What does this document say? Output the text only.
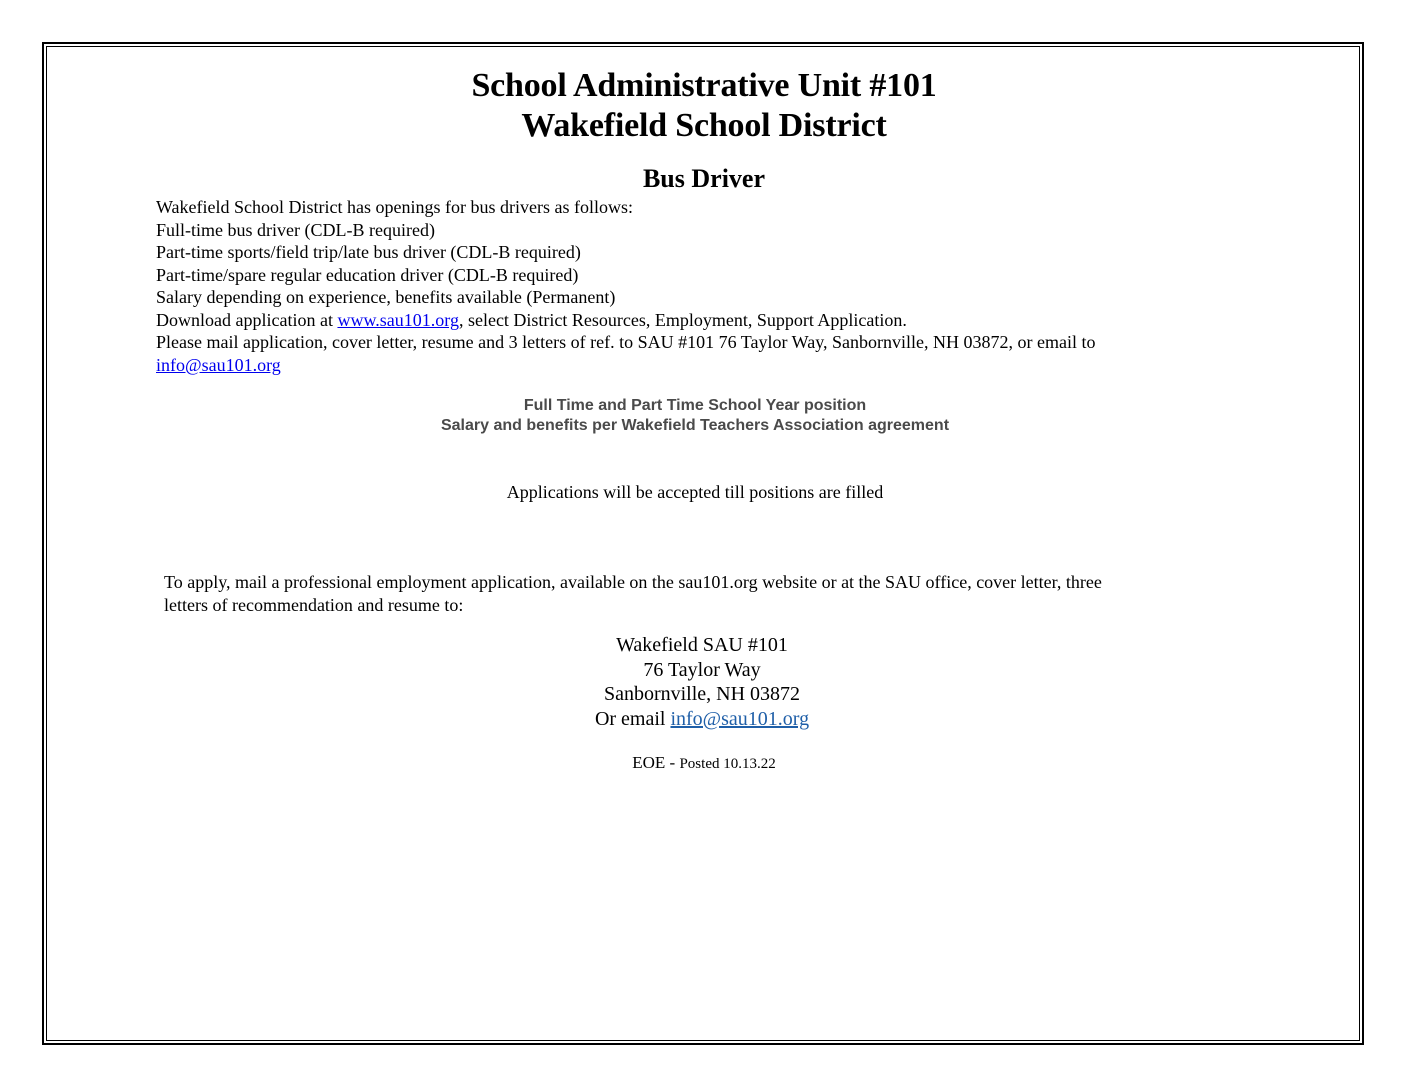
School Administrative Unit #101
Wakefield School District
Bus Driver
Wakefield School District has openings for bus drivers as follows:
Full-time bus driver (CDL-B required)
Part-time sports/field trip/late bus driver (CDL-B required)
Part-time/spare regular education driver (CDL-B required)
Salary depending on experience, benefits available (Permanent)
Download application at www.sau101.org, select District Resources, Employment, Support Application.
Please mail application, cover letter, resume and 3 letters of ref. to SAU #101 76 Taylor Way, Sanbornville, NH 03872, or email to
info@sau101.org
Full Time and Part Time School Year position
Salary and benefits per Wakefield Teachers Association agreement
Applications will be accepted till positions are filled
To apply, mail a professional employment application, available on the sau101.org website or at the SAU office, cover letter, three
letters of recommendation and resume to:
Wakefield SAU #101
76 Taylor Way
Sanbornville, NH 03872
Or email info@sau101.org
EOE - Posted 10.13.22
